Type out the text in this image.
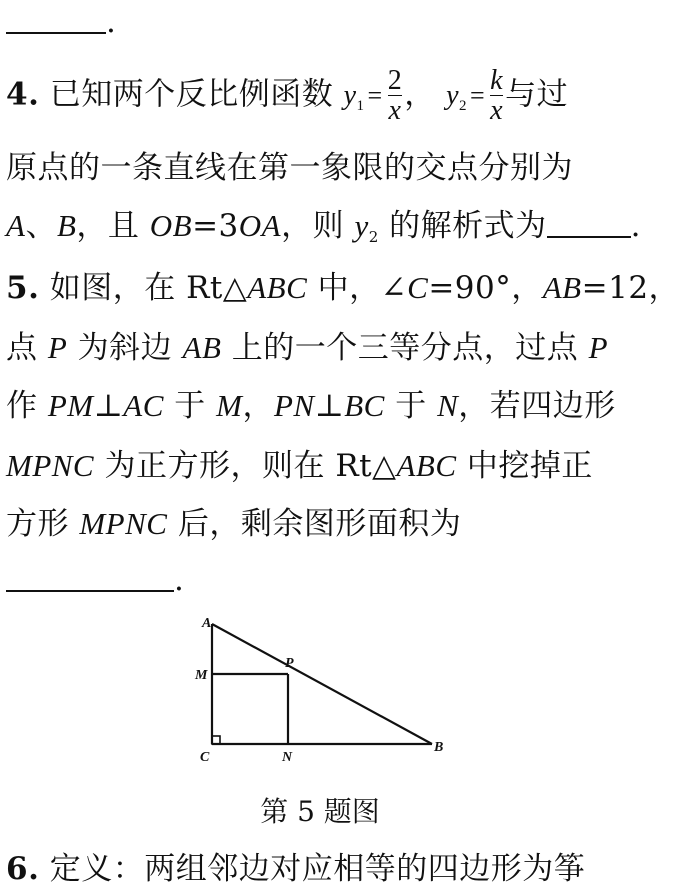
.
4. 已知两个反比例函数 $y_1 = \frac{2}{x}$ ， $y_2 = \frac{k}{x}$ 与过
原点的一条直线在第一象限的交点分别为
A、B，且 OB=3OA，则 $y_2$ 的解析式为	.
5. 如图，在 Rt△ABC 中，∠C=90°，AB=12，
点 P 为斜边 AB 上的一个三等分点，过点 P
作 PM⊥AC 于 M，PN⊥BC 于 N，若四边形
MPNC 为正方形，则在 Rt△ABC 中挖掉正
方形 MPNC 后，剩余图形面积为
.
A
M
P
C	N
B
第 5 题图
6. 定义：两组邻边对应相等的四边形为筝
